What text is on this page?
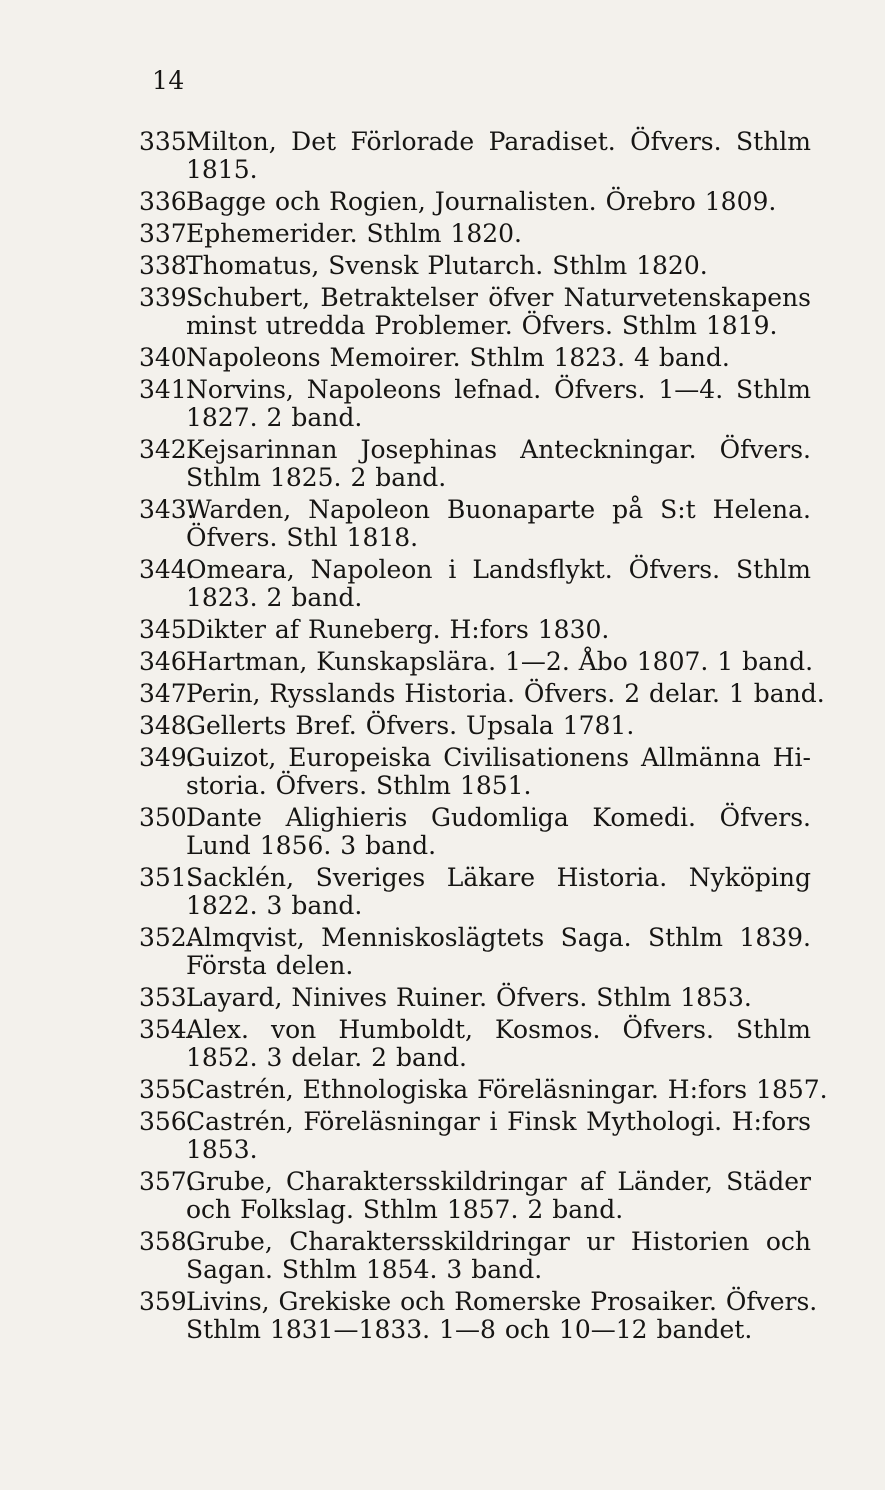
14
335.
Milton, Det Förlorade Paradiset. Öfvers. Sthlm
1815.
336.
Bagge och Rogien, Journalisten. Örebro 1809.
337.
Ephemerider. Sthlm 1820.
338.
Thomatus, Svensk Plutarch. Sthlm 1820.
339.
Schubert, Betraktelser öfver Naturvetenskapens
minst utredda Problemer. Öfvers. Sthlm 1819.
340.
Napoleons Memoirer. Sthlm 1823. 4 band.
341.
Norvins, Napoleons lefnad. Öfvers. 1—4. Sthlm
1827. 2 band.
342.
Kejsarinnan Josephinas Anteckningar. Öfvers.
Sthlm 1825. 2 band.
343.
Warden, Napoleon Buonaparte på S:t Helena.
Öfvers. Sthl 1818.
344.
Omeara, Napoleon i Landsflykt. Öfvers. Sthlm
1823. 2 band.
345.
Dikter af Runeberg. H:fors 1830.
346.
Hartman, Kunskapslära. 1—2. Åbo 1807. 1 band.
347.
Perin, Rysslands Historia. Öfvers. 2 delar. 1 band.
348.
Gellerts Bref. Öfvers. Upsala 1781.
349.
Guizot, Europeiska Civilisationens Allmänna Hi-
storia. Öfvers. Sthlm 1851.
350.
Dante Alighieris Gudomliga Komedi. Öfvers.
Lund 1856. 3 band.
351.
Sacklén, Sveriges Läkare Historia. Nyköping
1822. 3 band.
352.
Almqvist, Menniskoslägtets Saga. Sthlm 1839.
Första delen.
353.
Layard, Ninives Ruiner. Öfvers. Sthlm 1853.
354.
Alex. von Humboldt, Kosmos. Öfvers. Sthlm
1852. 3 delar. 2 band.
355.
Castrén, Ethnologiska Föreläsningar. H:fors 1857.
356.
Castrén, Föreläsningar i Finsk Mythologi. H:fors
1853.
357.
Grube, Charaktersskildringar af Länder, Städer
och Folkslag. Sthlm 1857. 2 band.
358.
Grube, Charaktersskildringar ur Historien och
Sagan. Sthlm 1854. 3 band.
359.
Livins, Grekiske och Romerske Prosaiker. Öfvers.
Sthlm 1831—1833. 1—8 och 10—12 bandet.
